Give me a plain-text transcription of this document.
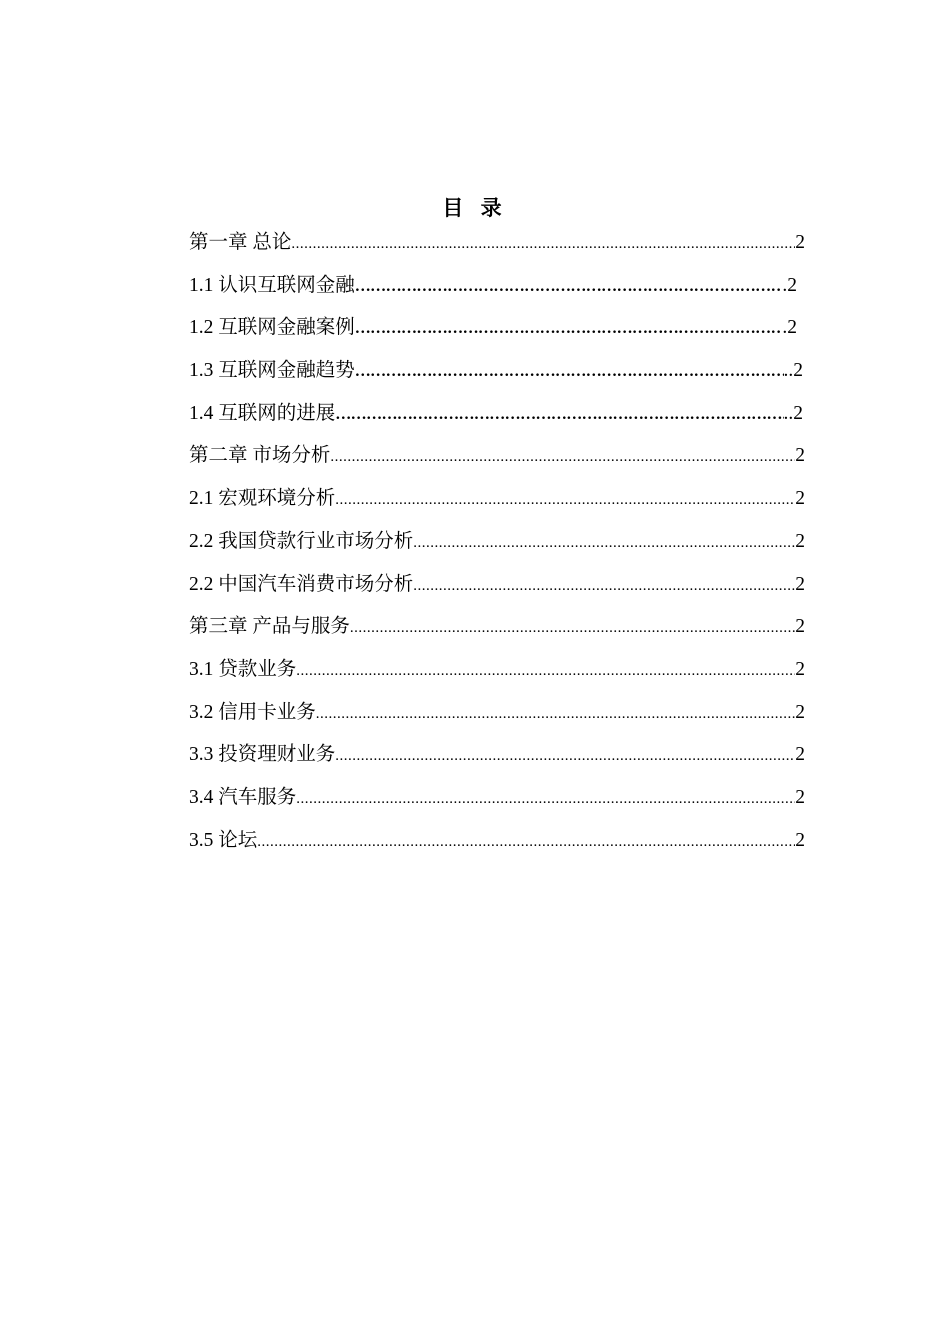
目 录
第一章 总论 .....	2
1.1 认识互联网金融 ……………………………………………………………………………………………………………………………………………………………………	.2
1.2 互联网金融案例 ……………………………………………………………………………………………………………………………………………………………………	.2
1.3 互联网金融趋势 ……………………………………………………………………………………………………………………………………………………………………	..2
1.4 互联网的进展 ……………………………………………………………………………………………………………………………………………………………………	..2
第二章 市场分析 .....	2
2.1 宏观环境分析 .....	2
2.2 我国贷款行业市场分析 .....	2
2.2 中国汽车消费市场分析 .....	2
第三章 产品与服务 .....	2
3.1 贷款业务 .....	2
3.2 信用卡业务 .....	2
3.3 投资理财业务 .....	2
3.4 汽车服务 .....	2
3.5 论坛 .....	2
